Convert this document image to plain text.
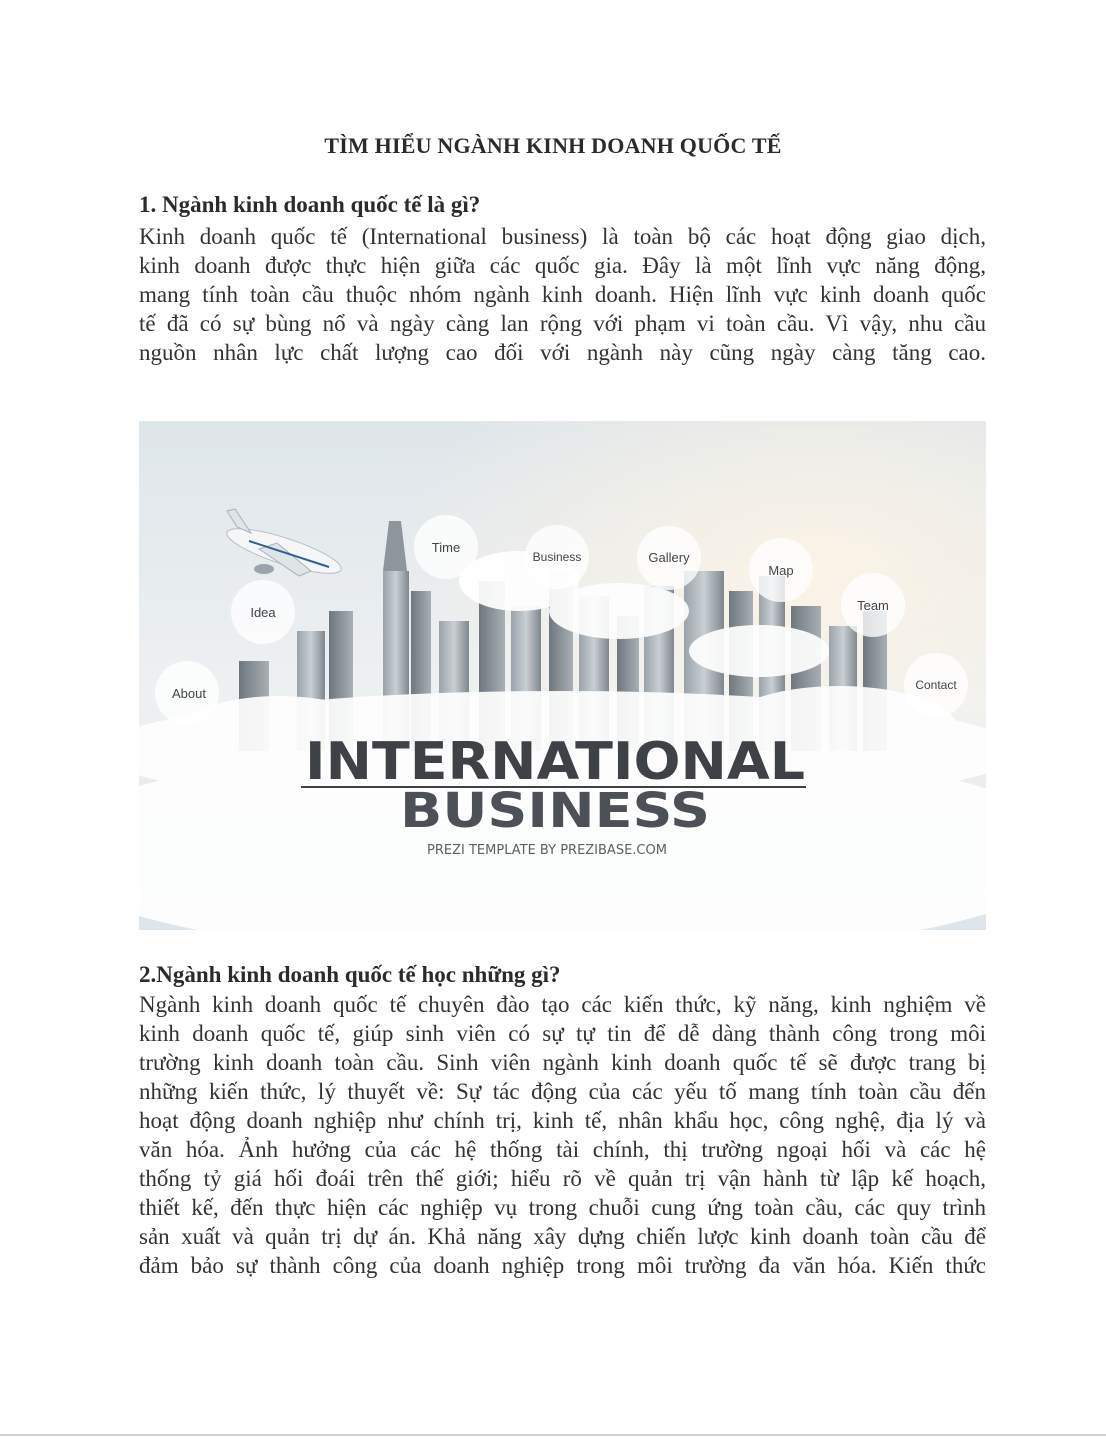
TÌM HIỂU NGÀNH KINH DOANH QUỐC TẾ
1. Ngành kinh doanh quốc tế là gì?
Kinh doanh quốc tế (International business) là toàn bộ các hoạt động giao dịch,
kinh doanh được thực hiện giữa các quốc gia. Đây là một lĩnh vực năng động,
mang tính toàn cầu thuộc nhóm ngành kinh doanh. Hiện lĩnh vực kinh doanh quốc
tế đã có sự bùng nổ và ngày càng lan rộng với phạm vi toàn cầu. Vì vậy, nhu cầu
nguồn nhân lực chất lượng cao đối với ngành này cũng ngày càng tăng cao.
About
Idea
Time
Business	Gallery
Map
Team
Contact
INTERNATIONAL
BUSINESS
PREZI TEMPLATE BY PREZIBASE.COM
2.Ngành kinh doanh quốc tế học những gì?
Ngành kinh doanh quốc tế chuyên đào tạo các kiến thức, kỹ năng, kinh nghiệm về
kinh doanh quốc tế, giúp sinh viên có sự tự tin để dễ dàng thành công trong môi
trường kinh doanh toàn cầu. Sinh viên ngành kinh doanh quốc tế sẽ được trang bị
những kiến thức, lý thuyết về: Sự tác động của các yếu tố mang tính toàn cầu đến
hoạt động doanh nghiệp như chính trị, kinh tế, nhân khẩu học, công nghệ, địa lý và
văn hóa. Ảnh hưởng của các hệ thống tài chính, thị trường ngoại hối và các hệ
thống tỷ giá hối đoái trên thế giới; hiểu rõ về quản trị vận hành từ lập kế hoạch,
thiết kế, đến thực hiện các nghiệp vụ trong chuỗi cung ứng toàn cầu, các quy trình
sản xuất và quản trị dự án. Khả năng xây dựng chiến lược kinh doanh toàn cầu để
đảm bảo sự thành công của doanh nghiệp trong môi trường đa văn hóa. Kiến thức
